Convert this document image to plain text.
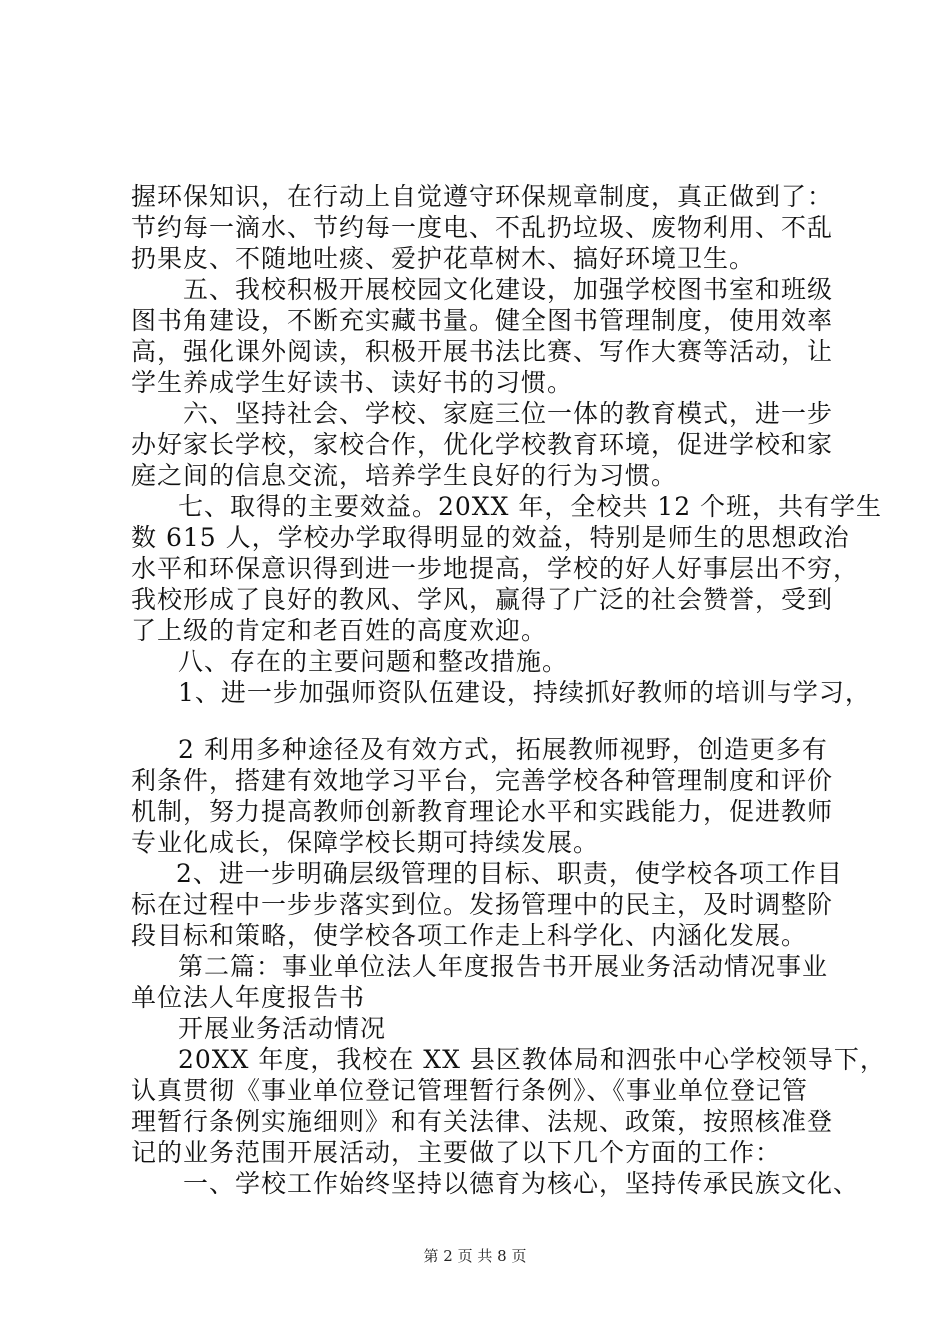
握环保知识，在行动上自觉遵守环保规章制度，真正做到了：
节约每一滴水、节约每一度电、不乱扔垃圾、废物利用、不乱
扔果皮、不随地吐痰、爱护花草树木、搞好环境卫生。
五、我校积极开展校园文化建设，加强学校图书室和班级
图书角建设，不断充实藏书量。健全图书管理制度，使用效率
高，强化课外阅读，积极开展书法比赛、写作大赛等活动，让
学生养成学生好读书、读好书的习惯。
六、坚持社会、学校、家庭三位一体的教育模式，进一步
办好家长学校，家校合作，优化学校教育环境，促进学校和家
庭之间的信息交流，培养学生良好的行为习惯。
七、取得的主要效益。20XX 年，全校共 12 个班，共有学生
数 615 人，学校办学取得明显的效益，特别是师生的思想政治
水平和环保意识得到进一步地提高，学校的好人好事层出不穷，
我校形成了良好的教风、学风，赢得了广泛的社会赞誉，受到
了上级的肯定和老百姓的高度欢迎。
八、存在的主要问题和整改措施。
1、进一步加强师资队伍建设，持续抓好教师的培训与学习，
2 利用多种途径及有效方式，拓展教师视野，创造更多有
利条件，搭建有效地学习平台，完善学校各种管理制度和评价
机制，努力提高教师创新教育理论水平和实践能力，促进教师
专业化成长，保障学校长期可持续发展。
2、进一步明确层级管理的目标、职责，使学校各项工作目
标在过程中一步步落实到位。发扬管理中的民主，及时调整阶
段目标和策略，使学校各项工作走上科学化、内涵化发展。
第二篇：事业单位法人年度报告书开展业务活动情况事业
单位法人年度报告书
开展业务活动情况
20XX 年度，我校在 XX 县区教体局和泗张中心学校领导下，
认真贯彻《事业单位登记管理暂行条例》、《事业单位登记管
理暂行条例实施细则》和有关法律、法规、政策，按照核准登
记的业务范围开展活动，主要做了以下几个方面的工作：
一、学校工作始终坚持以德育为核心，坚持传承民族文化、
第 2 页 共 8 页
